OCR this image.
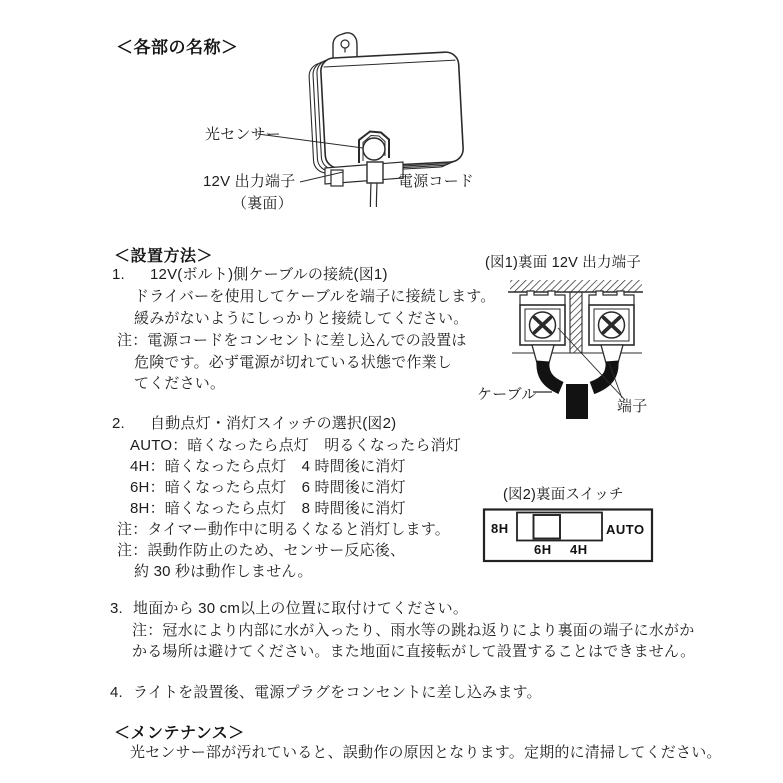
＜各部の名称＞
光センサー
12V 出力端子
（裏面）
電源コード
＜設置方法＞
1. 12V(ボルト)側ケーブルの接続(図1)
ドライバーを使用してケーブルを端子に接続します。
緩みがないようにしっかりと接続してください。
注：電源コードをコンセントに差し込んでの設置は
危険です。必ず電源が切れている状態で作業し
てください。
2. 自動点灯・消灯スイッチの選択(図2)
AUTO：暗くなったら点灯　明るくなったら消灯
4H：暗くなったら点灯　4 時間後に消灯
6H：暗くなったら点灯　6 時間後に消灯
8H：暗くなったら点灯　8 時間後に消灯
注：タイマー動作中に明るくなると消灯します。
注：誤動作防止のため、センサー反応後、
約 30 秒は動作しません。
3. 地面から 30 cm以上の位置に取付けてください。
注：冠水により内部に水が入ったり、雨水等の跳ね返りにより裏面の端子に水がか
かる場所は避けてください。また地面に直接転がして設置することはできません。
4. ライトを設置後、電源プラグをコンセントに差し込みます。
(図1)裏面 12V 出力端子
ケーブル
端子
(図2)裏面スイッチ
8H	AUTO
6H 4H
＜メンテナンス＞
光センサー部が汚れていると、誤動作の原因となります。定期的に清掃してください。
